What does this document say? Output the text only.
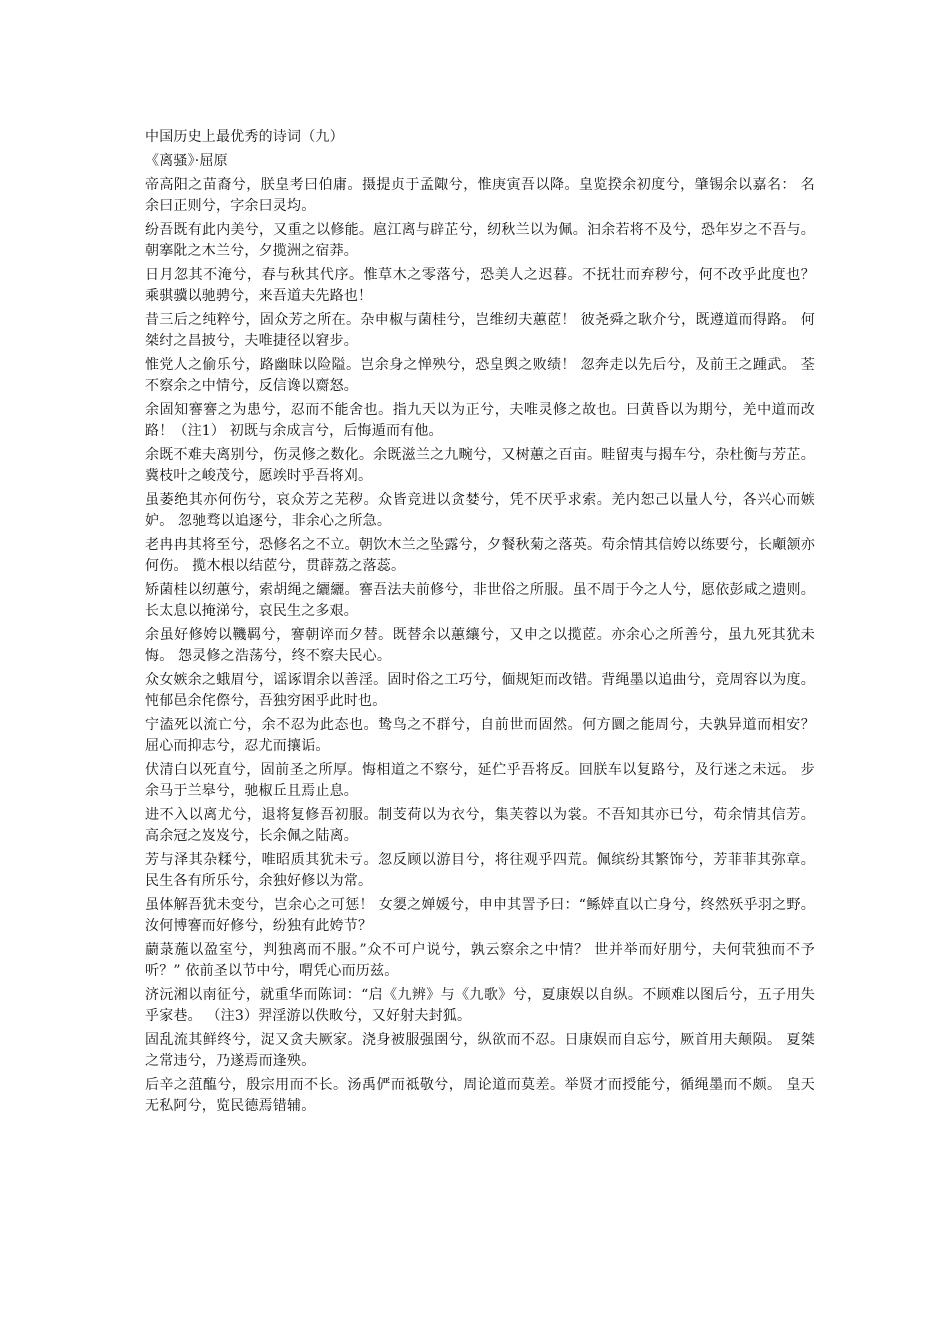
中国历史上最优秀的诗词（九）
《离骚》·屈原
帝高阳之苗裔兮，朕皇考曰伯庸。摄提贞于孟陬兮，惟庚寅吾以降。皇览揆余初度兮，肇锡余以嘉名： 名余曰正则兮，字余曰灵均。
纷吾既有此内美兮，又重之以修能。扈江离与辟芷兮，纫秋兰以为佩。汩余若将不及兮，恐年岁之不吾与。 朝搴阰之木兰兮，夕揽洲之宿莽。
日月忽其不淹兮，春与秋其代序。惟草木之零落兮，恐美人之迟暮。不抚壮而弃秽兮，何不改乎此度也？ 乘骐骥以驰骋兮，来吾道夫先路也！
昔三后之纯粹兮，固众芳之所在。杂申椒与菌桂兮，岂维纫夫蕙茝！ 彼尧舜之耿介兮，既遵道而得路。 何桀纣之昌披兮，夫唯捷径以窘步。
惟党人之偷乐兮，路幽昧以险隘。岂余身之惮殃兮，恐皇舆之败绩！ 忽奔走以先后兮，及前王之踵武。 荃不察余之中情兮，反信谗以齌怒。
余固知謇謇之为患兮，忍而不能舍也。指九天以为正兮，夫唯灵修之故也。曰黄昏以为期兮，羌中道而改路！（注1） 初既与余成言兮，后悔遁而有他。
余既不难夫离别兮，伤灵修之数化。余既滋兰之九畹兮，又树蕙之百亩。畦留夷与揭车兮，杂杜衡与芳芷。 冀枝叶之峻茂兮，愿竢时乎吾将刈。
虽萎绝其亦何伤兮，哀众芳之芜秽。众皆竞进以贪婪兮，凭不厌乎求索。羌内恕己以量人兮，各兴心而嫉妒。 忽驰骛以追逐兮，非余心之所急。
老冉冉其将至兮，恐修名之不立。朝饮木兰之坠露兮，夕餐秋菊之落英。苟余情其信姱以练要兮，长顑颔亦何伤。 揽木根以结茝兮，贯薜荔之落蕊。
矫菌桂以纫蕙兮，索胡绳之纚纚。謇吾法夫前修兮，非世俗之所服。虽不周于今之人兮，愿依彭咸之遗则。 长太息以掩涕兮，哀民生之多艰。
余虽好修姱以鞿羁兮，謇朝谇而夕替。既替余以蕙纕兮，又申之以揽茝。亦余心之所善兮，虽九死其犹未悔。 怨灵修之浩荡兮，终不察夫民心。
众女嫉余之蛾眉兮，谣诼谓余以善淫。固时俗之工巧兮，偭规矩而改错。背绳墨以追曲兮，竞周容以为度。 忳郁邑余侘傺兮，吾独穷困乎此时也。
宁溘死以流亡兮，余不忍为此态也。鸷鸟之不群兮，自前世而固然。何方圜之能周兮，夫孰异道而相安？ 屈心而抑志兮，忍尤而攘诟。
伏清白以死直兮，固前圣之所厚。悔相道之不察兮，延伫乎吾将反。回朕车以复路兮，及行迷之未远。 步余马于兰皋兮，驰椒丘且焉止息。
进不入以离尤兮，退将复修吾初服。制芰荷以为衣兮，集芙蓉以为裳。不吾知其亦已兮，苟余情其信芳。 高余冠之岌岌兮，长余佩之陆离。
芳与泽其杂糅兮，唯昭质其犹未亏。忽反顾以游目兮，将往观乎四荒。佩缤纷其繁饰兮，芳菲菲其弥章。 民生各有所乐兮，余独好修以为常。
虽体解吾犹未变兮，岂余心之可惩！ 女嬃之婵媛兮，申申其詈予曰：“鲧婞直以亡身兮，终然殀乎羽之野。 汝何博謇而好修兮，纷独有此姱节？
蘮菉葹以盈室兮，判独离而不服。”众不可户说兮，孰云察余之中情？ 世并举而好朋兮，夫何茕独而不予听？” 依前圣以节中兮，喟凭心而历兹。
济沅湘以南征兮，就重华而陈词：“启《九辨》与《九歌》兮，夏康娱以自纵。不顾难以图后兮，五子用失乎家巷。 （注3）羿淫游以佚畋兮，又好射夫封狐。
固乱流其鲜终兮，浞又贪夫厥家。浇身被服强圉兮，纵欲而不忍。日康娱而自忘兮，厥首用夫颠陨。 夏桀之常违兮，乃遂焉而逢殃。
后辛之菹醢兮，殷宗用而不长。汤禹俨而祗敬兮，周论道而莫差。举贤才而授能兮，循绳墨而不颇。 皇天无私阿兮，览民德焉错辅。
